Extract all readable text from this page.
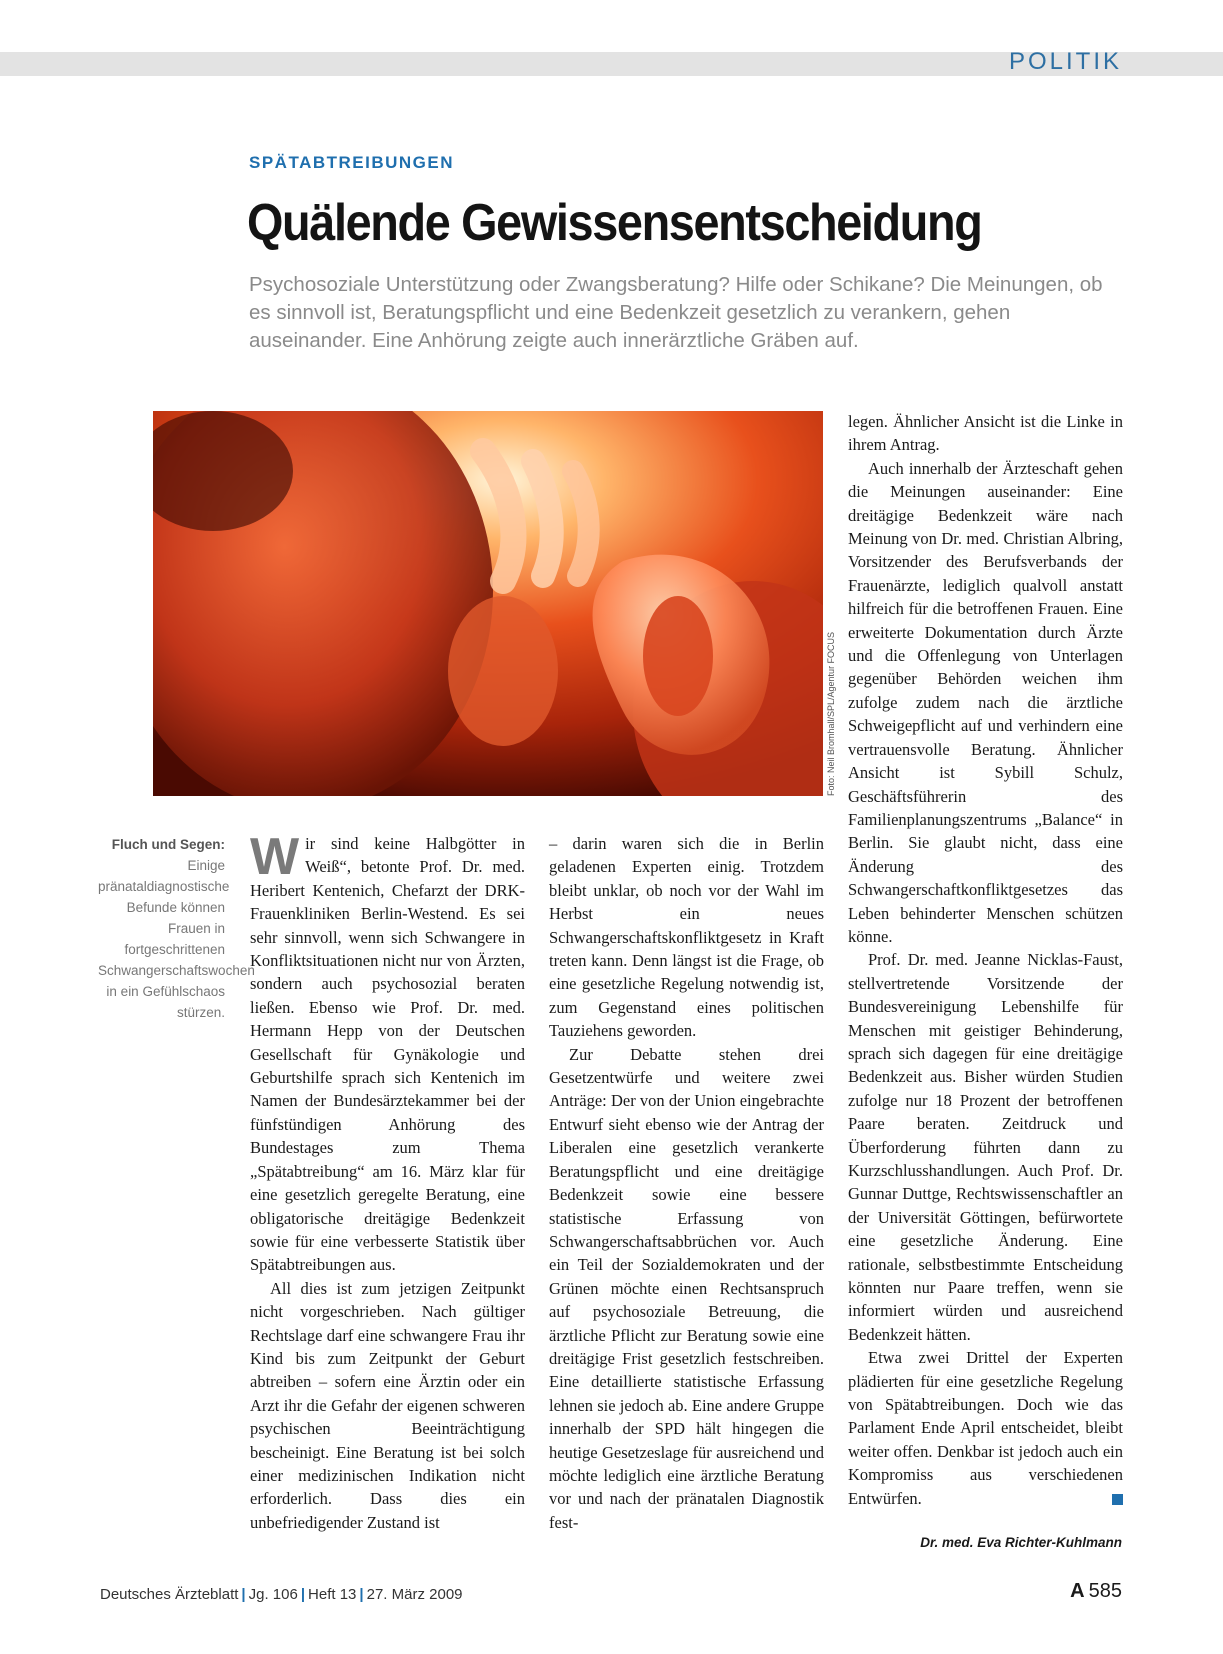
POLITIK
SPÄTABTREIBUNGEN
Quälende Gewissensentscheidung

Psychosoziale Unterstützung oder Zwangsberatung? Hilfe oder Schikane? Die Meinungen, ob es sinnvoll ist, Beratungspflicht und eine Bedenkzeit gesetzlich zu verankern, gehen auseinander. Eine Anhörung zeigte auch innerärztliche Gräben auf.

Foto: Neil Bromhall/SPL/Agentur FOCUS
Fluch und Segen: Einige pränataldiagnostische Befunde können Frauen in fortgeschrittenen Schwangerschaftswochen in ein Gefühlschaos stürzen.

Wir sind keine Halbgötter in Weiß“, betonte Prof. Dr. med. Heribert Kentenich, Chefarzt der DRK-Frauenkliniken Berlin-Westend. Es sei sehr sinnvoll, wenn sich Schwangere in Konfliktsituationen nicht nur von Ärzten, sondern auch psychosozial beraten ließen. Ebenso wie Prof. Dr. med. Hermann Hepp von der Deutschen Gesellschaft für Gynäkologie und Geburtshilfe sprach sich Kentenich im Namen der Bundesärztekammer bei der fünfstündigen Anhörung des Bundestages zum Thema „Spätabtreibung“ am 16. März klar für eine gesetzlich geregelte Beratung, eine obligatorische dreitägige Bedenkzeit sowie für eine verbesserte Statistik über Spätabtreibungen aus.

All dies ist zum jetzigen Zeitpunkt nicht vorgeschrieben. Nach gültiger Rechtslage darf eine schwangere Frau ihr Kind bis zum Zeitpunkt der Geburt abtreiben – sofern eine Ärztin oder ein Arzt ihr die Gefahr der eigenen schweren psychischen Beeinträchtigung bescheinigt. Eine Beratung ist bei solch einer medizinischen Indikation nicht erforderlich. Dass dies ein unbefriedigender Zustand ist

– darin waren sich die in Berlin geladenen Experten einig. Trotzdem bleibt unklar, ob noch vor der Wahl im Herbst ein neues Schwangerschaftskonfliktgesetz in Kraft treten kann. Denn längst ist die Frage, ob eine gesetzliche Regelung notwendig ist, zum Gegenstand eines politischen Tauziehens geworden.

Zur Debatte stehen drei Gesetzentwürfe und weitere zwei Anträge: Der von der Union eingebrachte Entwurf sieht ebenso wie der Antrag der Liberalen eine gesetzlich verankerte Beratungspflicht und eine dreitägige Bedenkzeit sowie eine bessere statistische Erfassung von Schwangerschaftsabbrüchen vor. Auch ein Teil der Sozialdemokraten und der Grünen möchte einen Rechtsanspruch auf psychosoziale Betreuung, die ärztliche Pflicht zur Beratung sowie eine dreitägige Frist gesetzlich festschreiben. Eine detaillierte statistische Erfassung lehnen sie jedoch ab. Eine andere Gruppe innerhalb der SPD hält hingegen die heutige Gesetzeslage für ausreichend und möchte lediglich eine ärztliche Beratung vor und nach der pränatalen Diagnostik fest-

legen. Ähnlicher Ansicht ist die Linke in ihrem Antrag.

Auch innerhalb der Ärzteschaft gehen die Meinungen auseinander: Eine dreitägige Bedenkzeit wäre nach Meinung von Dr. med. Christian Albring, Vorsitzender des Berufsverbands der Frauenärzte, lediglich qualvoll anstatt hilfreich für die betroffenen Frauen. Eine erweiterte Dokumentation durch Ärzte und die Offenlegung von Unterlagen gegenüber Behörden weichen ihm zufolge zudem nach die ärztliche Schweigepflicht auf und verhindern eine vertrauensvolle Beratung. Ähnlicher Ansicht ist Sybill Schulz, Geschäftsführerin des Familienplanungszentrums „Balance“ in Berlin. Sie glaubt nicht, dass eine Änderung des Schwangerschaftkonfliktgesetzes das Leben behinderter Menschen schützen könne.

Prof. Dr. med. Jeanne Nicklas-Faust, stellvertretende Vorsitzende der Bundesvereinigung Lebenshilfe für Menschen mit geistiger Behinderung, sprach sich dagegen für eine dreitägige Bedenkzeit aus. Bisher würden Studien zufolge nur 18 Prozent der betroffenen Paare beraten. Zeitdruck und Überforderung führten dann zu Kurzschlusshandlungen. Auch Prof. Dr. Gunnar Duttge, Rechtswissenschaftler an der Universität Göttingen, befürwortete eine gesetzliche Änderung. Eine rationale, selbstbestimmte Entscheidung könnten nur Paare treffen, wenn sie informiert würden und ausreichend Bedenkzeit hätten.

Etwa zwei Drittel der Experten plädierten für eine gesetzliche Regelung von Spätabtreibungen. Doch wie das Parlament Ende April entscheidet, bleibt weiter offen. Denkbar ist jedoch auch ein Kompromiss aus verschiedenen Entwürfen.

Dr. med. Eva Richter-Kuhlmann
Deutsches Ärzteblatt | Jg. 106 | Heft 13 | 27. März 2009	A  585
